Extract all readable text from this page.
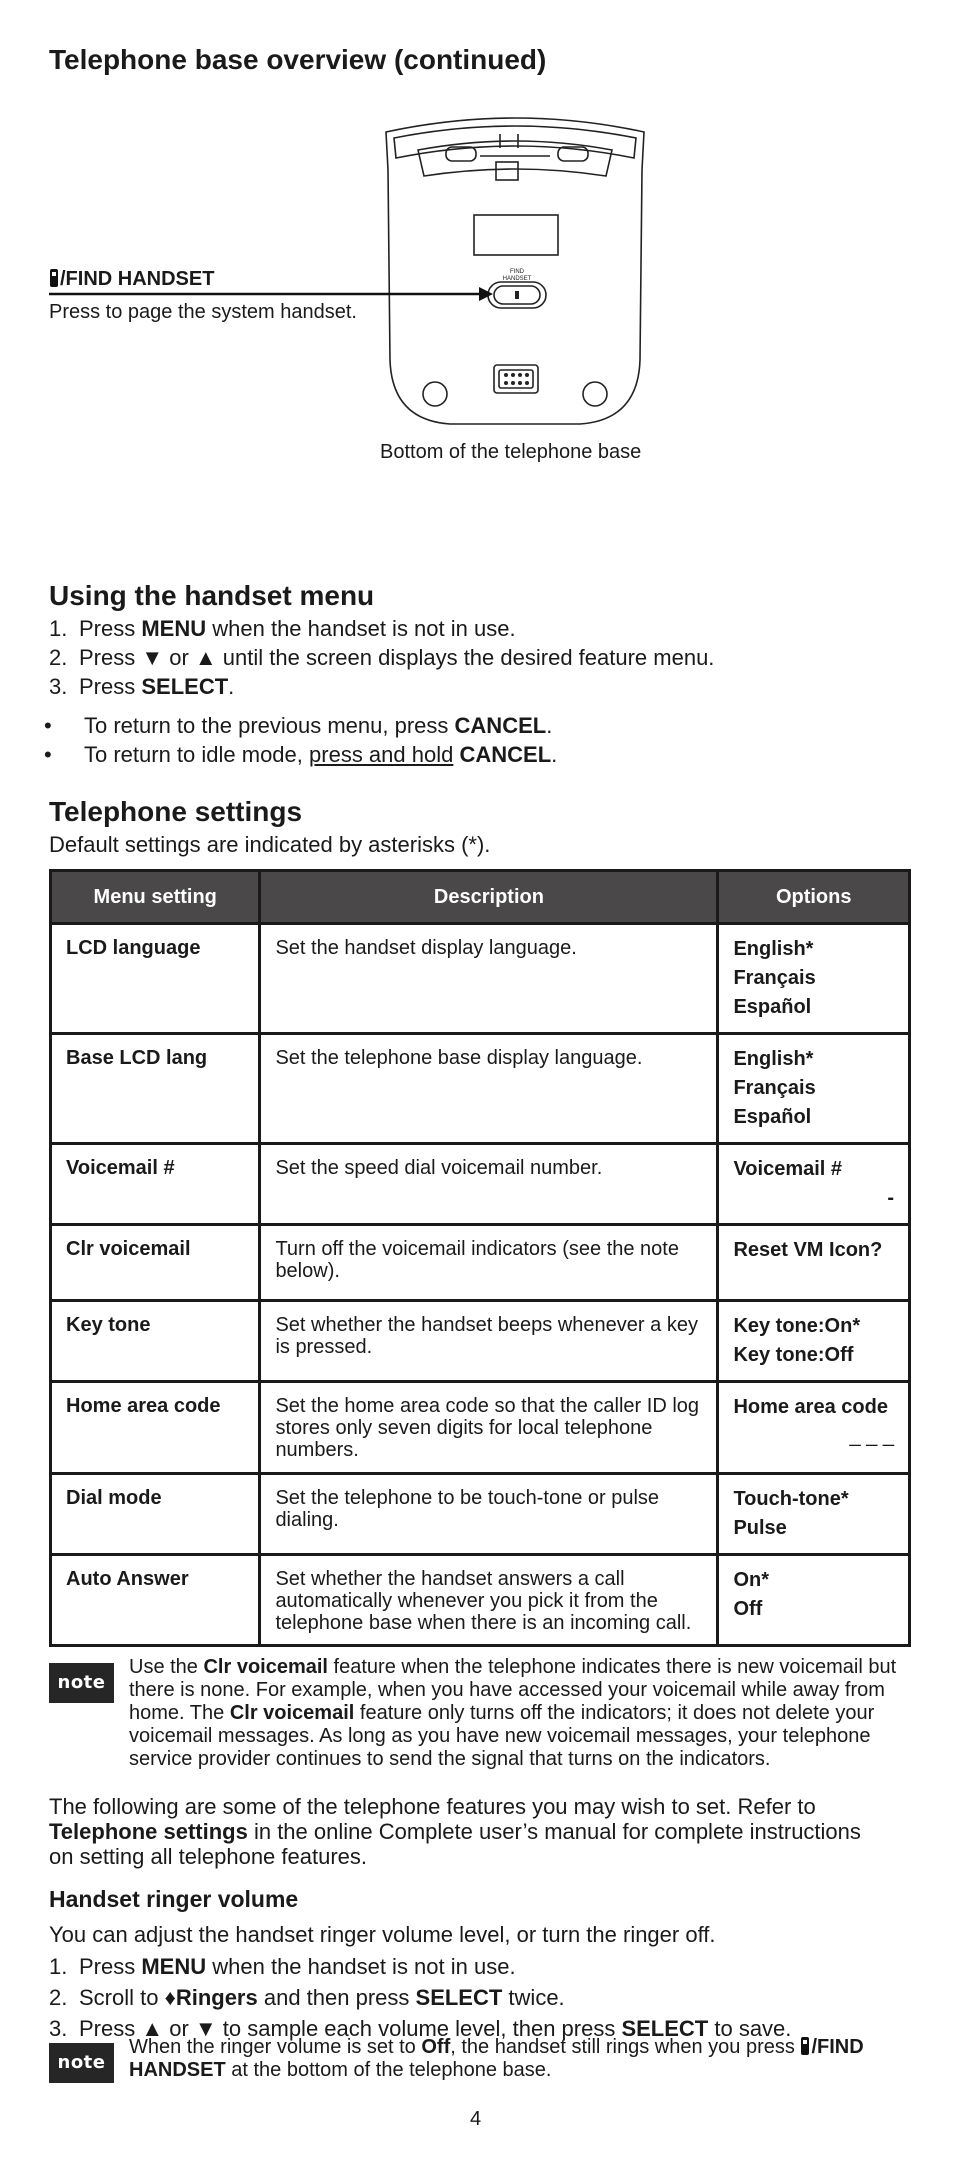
Telephone base overview (continued)
FIND
HANDSET
/FIND HANDSET
Press to page the system handset.
Bottom of the telephone base
Using the handset menu
1. Press MENU when the handset is not in use.
2. Press ▼ or ▲ until the screen displays the desired feature menu.
3. Press SELECT.
•	To return to the previous menu, press CANCEL.
•	To return to idle mode, press and hold CANCEL.
Telephone settings
Default settings are indicated by asterisks (*).
Menu setting	Description	Options
LCD language	Set the handset display language.	English*
Français
Español

Base LCD lang	Set the telephone base display language.	English*
Français
Español

Voicemail #	Set the speed dial voicemail number.	Voicemail #
-

Clr voicemail	Turn off the voicemail indicators (see the note below).	Reset VM Icon?

Key tone	Set whether the handset beeps whenever a key is pressed.	Key tone:On*
Key tone:Off

Home area code	Set the home area code so that the caller ID log stores only seven digits for local telephone numbers.	Home area code
_ _ _

Dial mode	Set the telephone to be touch-tone or pulse dialing.	Touch-tone*
Pulse

Auto Answer	Set whether the handset answers a call automatically whenever you pick it from the telephone base when there is an incoming call.	On*
Off
note
Use the Clr voicemail feature when the telephone indicates there is new voicemail but there is none. For example, when you have accessed your voicemail while away from home. The Clr voicemail feature only turns off the indicators; it does not delete your voicemail messages. As long as you have new voicemail messages, your telephone service provider continues to send the signal that turns on the indicators.
The following are some of the telephone features you may wish to set. Refer to Telephone settings in the online Complete user’s manual for complete instructions on setting all telephone features.
Handset ringer volume
You can adjust the handset ringer volume level, or turn the ringer off.
1. Press MENU when the handset is not in use.
2. Scroll to ♦Ringers and then press SELECT twice.
3. Press ▲ or ▼ to sample each volume level, then press SELECT to save.
note
When the ringer volume is set to Off, the handset still rings when you press /FIND HANDSET at the bottom of the telephone base.
4
